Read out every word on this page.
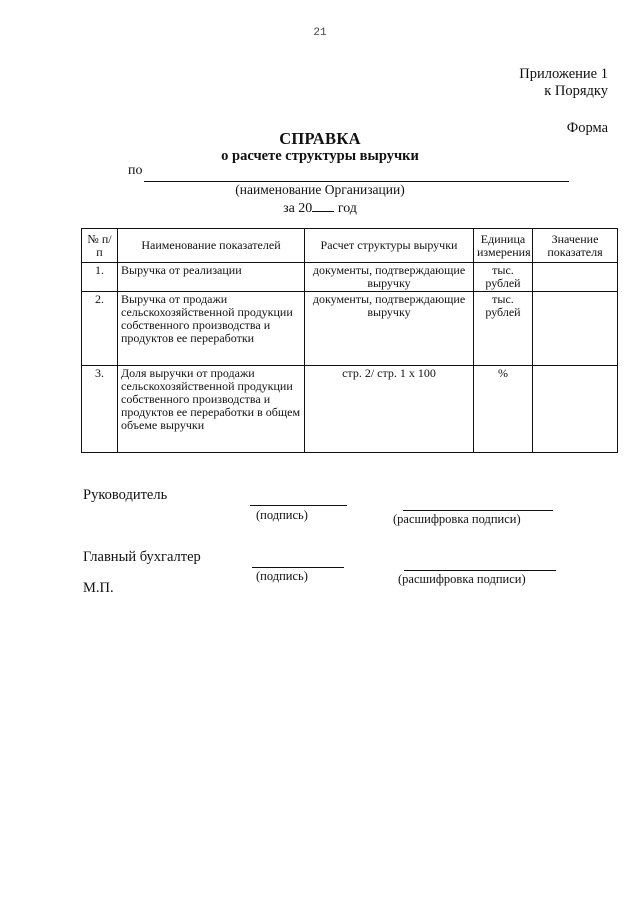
21
Приложение 1
к Порядку
Форма
СПРАВКА
о расчете структуры выручки
по
(наименование Организации)
за 20 год
№ п/п	Наименование показателей	Расчет структуры выручки	Единица измерения	Значение показателя
1.	Выручка от реализации	документы, подтверждающие выручку	тыс. рублей	
2.	Выручка от продажи сельскохозяйственной продукции собственного производства и продуктов ее переработки	документы, подтверждающие выручку	тыс. рублей	
3.	Доля выручки от продажи сельскохозяйственной продукции собственного производства и продуктов ее переработки в общем объеме выручки	стр. 2/ стр. 1 x 100	%	
Руководитель
(подпись)	(расшифровка подписи)
Главный бухгалтер
(подпись)	(расшифровка подписи)
М.П.
